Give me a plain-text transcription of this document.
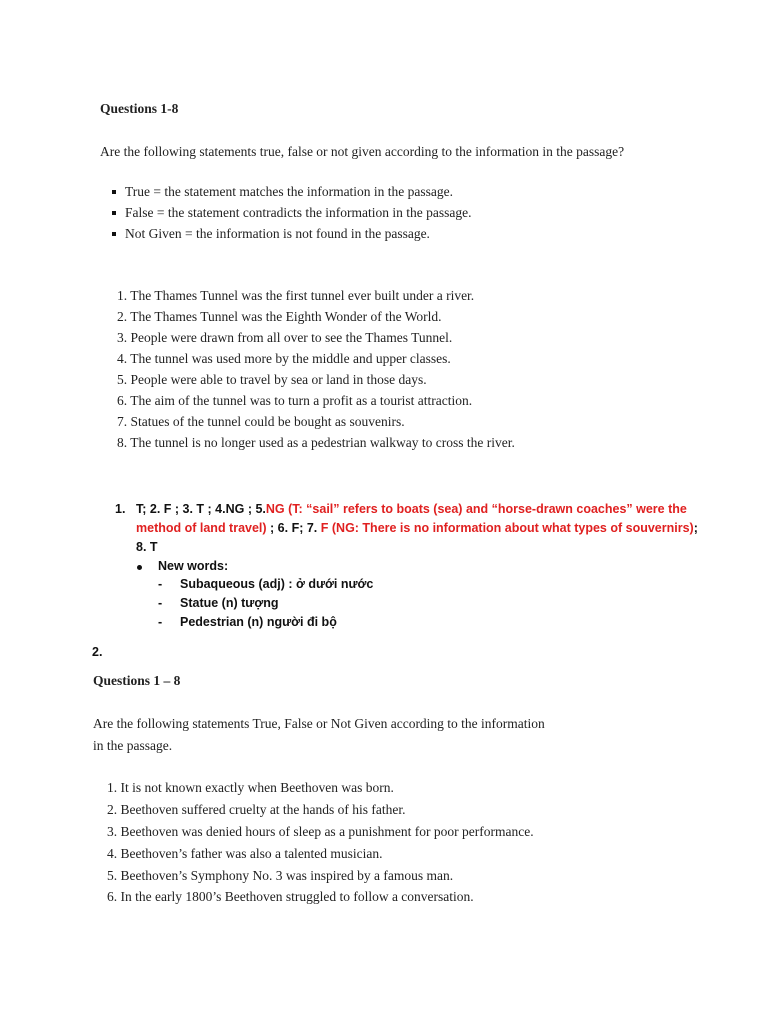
Questions 1-8
Are the following statements true, false or not given according to the information in the passage?
True = the statement matches the information in the passage.
False = the statement contradicts the information in the passage.
Not Given = the information is not found in the passage.
1. The Thames Tunnel was the first tunnel ever built under a river.
2. The Thames Tunnel was the Eighth Wonder of the World.
3. People were drawn from all over to see the Thames Tunnel.
4. The tunnel was used more by the middle and upper classes.
5. People were able to travel by sea or land in those days.
6. The aim of the tunnel was to turn a profit as a tourist attraction.
7. Statues of the tunnel could be bought as souvenirs.
8. The tunnel is no longer used as a pedestrian walkway to cross the river.
1. T; 2. F ; 3. T ; 4.NG ; 5.NG (T: “sail” refers to boats (sea) and “horse-drawn coaches” were the
method of land travel) ; 6. F; 7. F (NG: There is no information about what types of souvernirs);
8. T
New words:
- Subaqueous (adj) : ở dưới nước
- Statue (n) tượng
- Pedestrian (n) người đi bộ
2.
Questions 1 – 8
Are the following statements True, False or Not Given according to the information
in the passage.
1. It is not known exactly when Beethoven was born.
2. Beethoven suffered cruelty at the hands of his father.
3. Beethoven was denied hours of sleep as a punishment for poor performance.
4. Beethoven’s father was also a talented musician.
5. Beethoven’s Symphony No. 3 was inspired by a famous man.
6. In the early 1800’s Beethoven struggled to follow a conversation.
